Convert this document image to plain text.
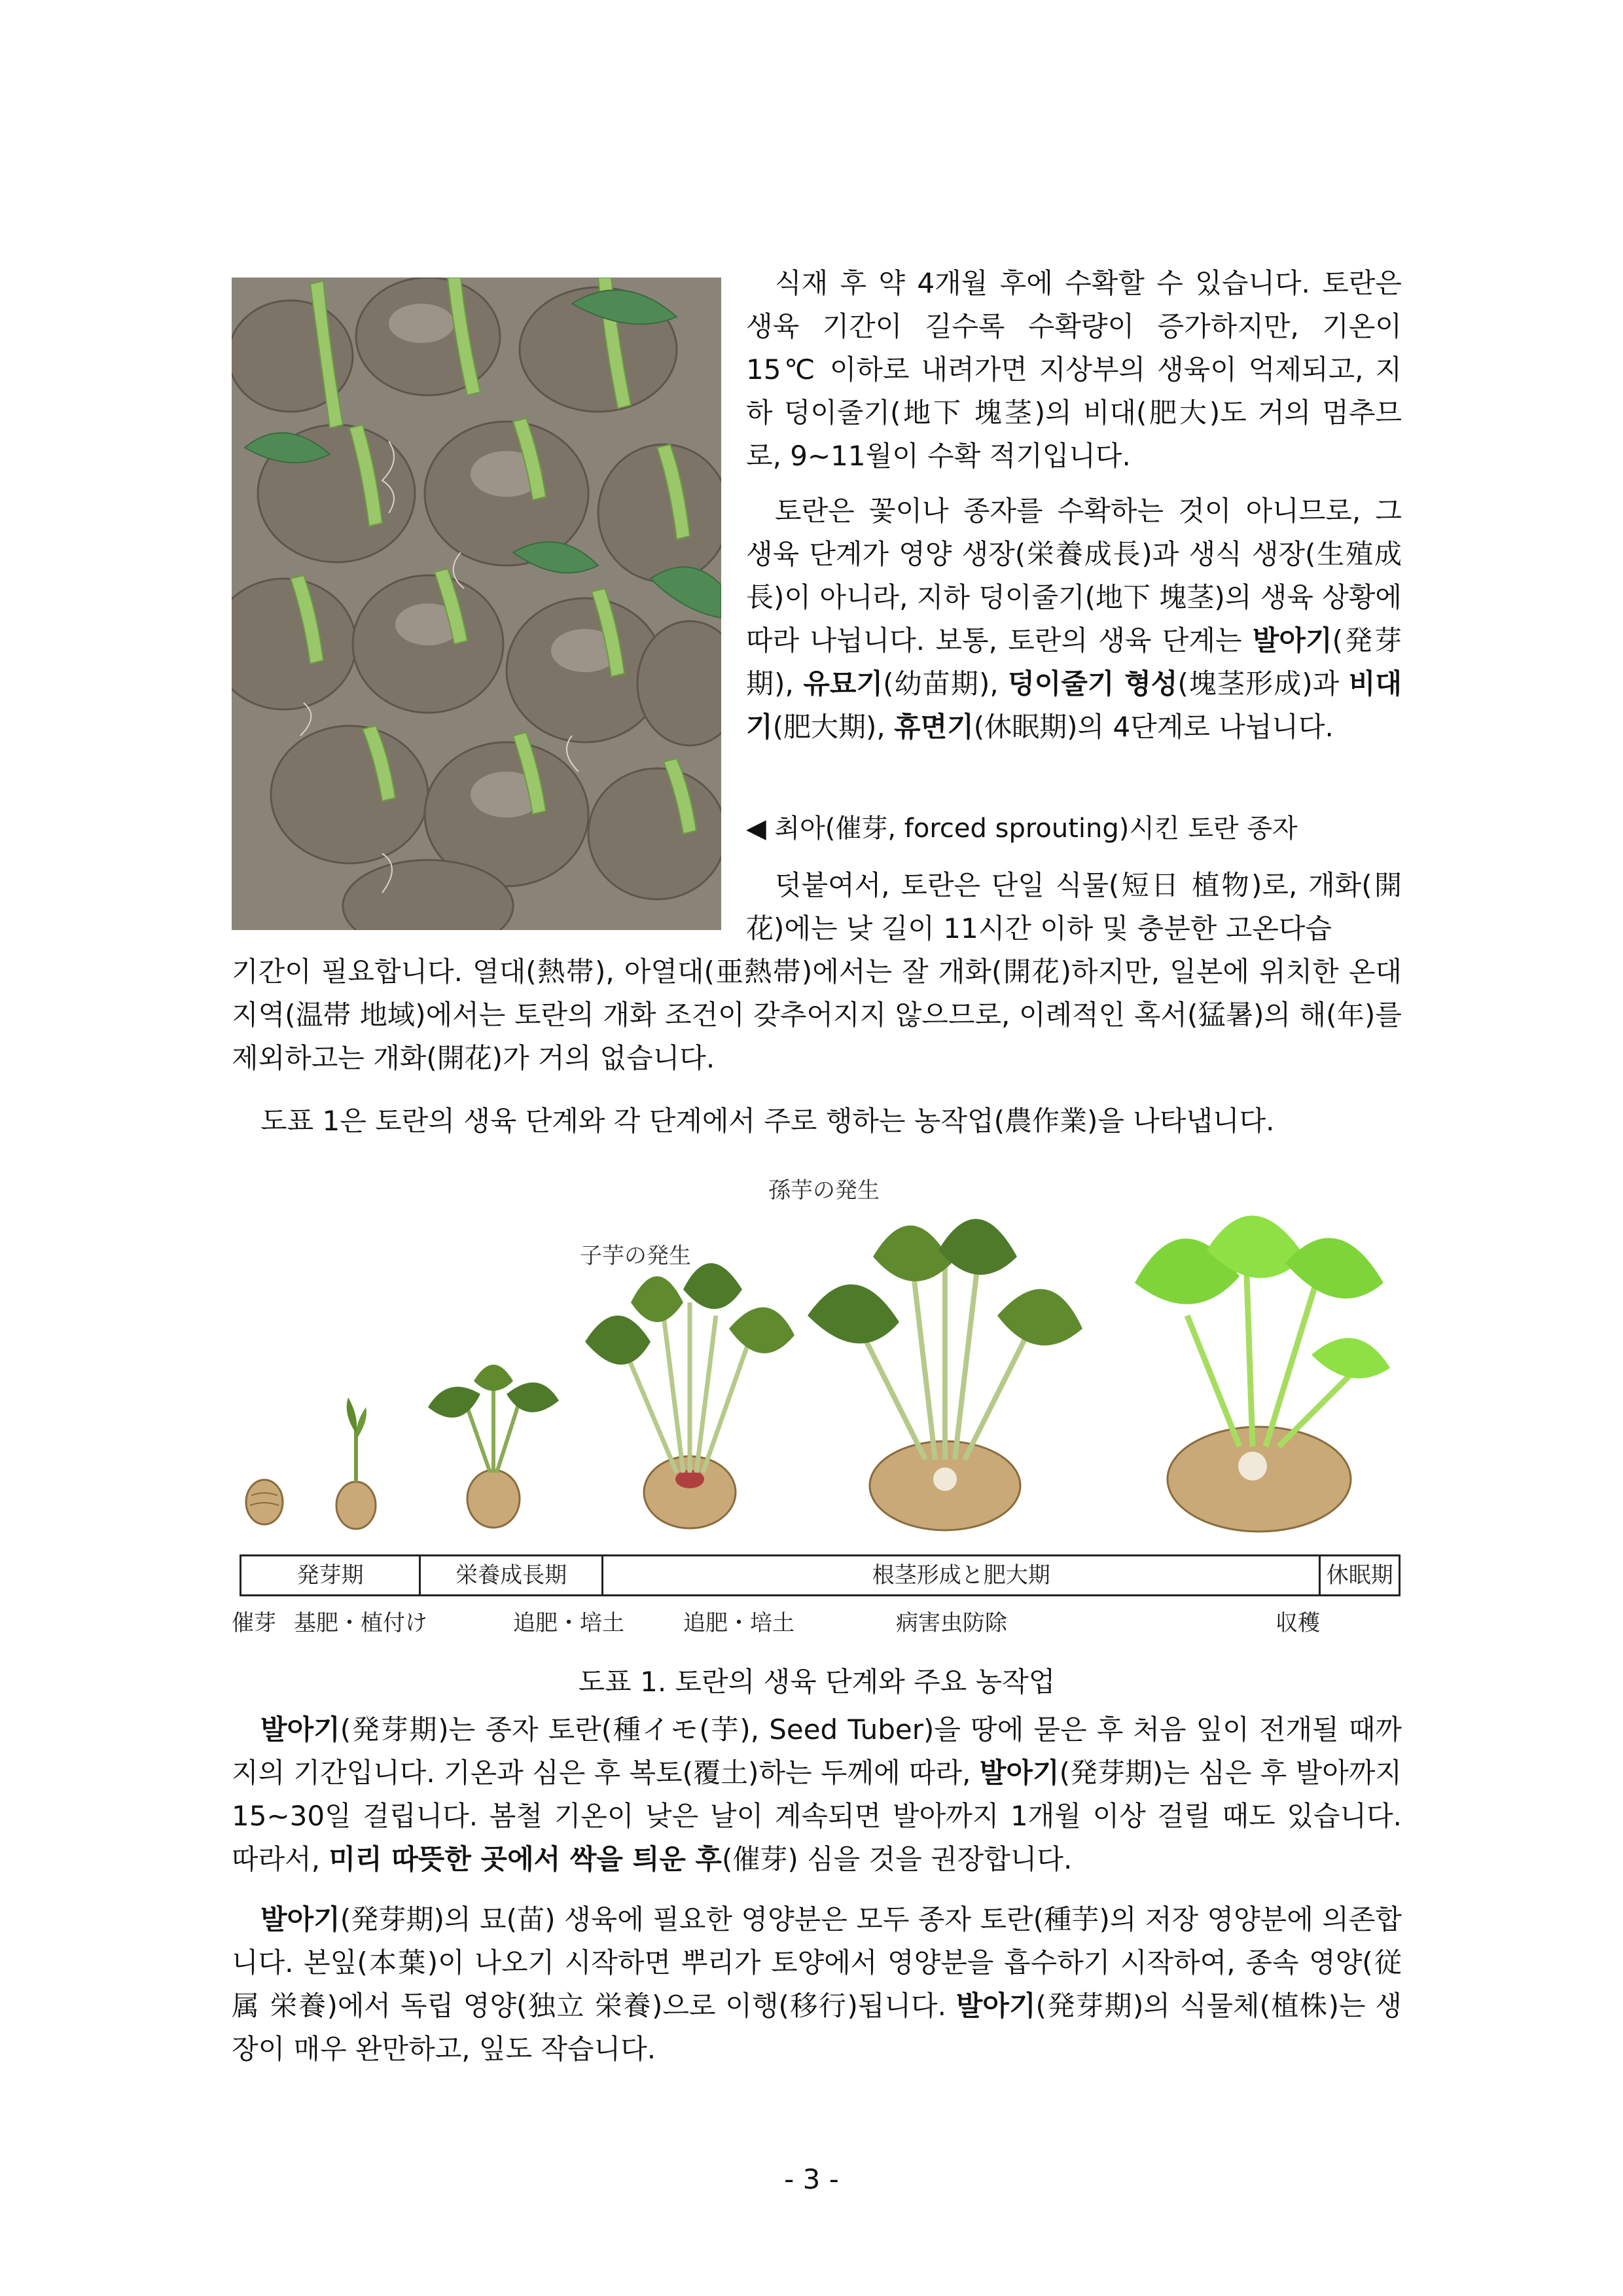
식재 후 약 4개월 후에 수확할 수 있습니다. 토란은 생육 기간이 길수록 수확량이 증가하지만, 기온이 15℃ 이하로 내려가면 지상부의 생육이 억제되고, 지하 덩이줄기(地下 塊茎)의 비대(肥大)도 거의 멈추므로, 9~11월이 수확 적기입니다.

토란은 꽃이나 종자를 수확하는 것이 아니므로, 그 생육 단계가 영양 생장(栄養成長)과 생식 생장(生殖成長)이 아니라, 지하 덩이줄기(地下 塊茎)의 생육 상황에 따라 나뉩니다. 보통, 토란의 생육 단계는 발아기(発芽期), 유묘기(幼苗期), 덩이줄기 형성(塊茎形成)과 비대기(肥大期), 휴면기(休眠期)의 4단계로 나뉩니다.

◀ 최아(催芽, forced sprouting)시킨 토란 종자

덧붙여서, 토란은 단일 식물(短日 植物)로, 개화(開花)에는 낮 길이 11시간 이하 및 충분한 고온다습

기간이 필요합니다. 열대(熱帯), 아열대(亜熱帯)에서는 잘 개화(開花)하지만, 일본에 위치한 온대 지역(温帯 地域)에서는 토란의 개화 조건이 갖추어지지 않으므로, 이례적인 혹서(猛暑)의 해(年)를 제외하고는 개화(開花)가 거의 없습니다.

도표 1은 토란의 생육 단계와 각 단계에서 주로 행하는 농작업(農作業)을 나타냅니다.

子芋の発生
孫芋の発生
発芽期	栄養成長期	根茎形成と肥大期	休眠期
催芽 基肥・植付け	追肥・培土	追肥・培土	病害虫防除	収穫

도표 1. 토란의 생육 단계와 주요 농작업

발아기(発芽期)는 종자 토란(種イモ(芋), Seed Tuber)을 땅에 묻은 후 처음 잎이 전개될 때까지의 기간입니다. 기온과 심은 후 복토(覆土)하는 두께에 따라, 발아기(発芽期)는 심은 후 발아까지 15~30일 걸립니다. 봄철 기온이 낮은 날이 계속되면 발아까지 1개월 이상 걸릴 때도 있습니다. 따라서, 미리 따뜻한 곳에서 싹을 틔운 후(催芽) 심을 것을 권장합니다.

발아기(発芽期)의 묘(苗) 생육에 필요한 영양분은 모두 종자 토란(種芋)의 저장 영양분에 의존합니다. 본잎(本葉)이 나오기 시작하면 뿌리가 토양에서 영양분을 흡수하기 시작하여, 종속 영양(従属 栄養)에서 독립 영양(独立 栄養)으로 이행(移行)됩니다. 발아기(発芽期)의 식물체(植株)는 생장이 매우 완만하고, 잎도 작습니다.

- 3 -
